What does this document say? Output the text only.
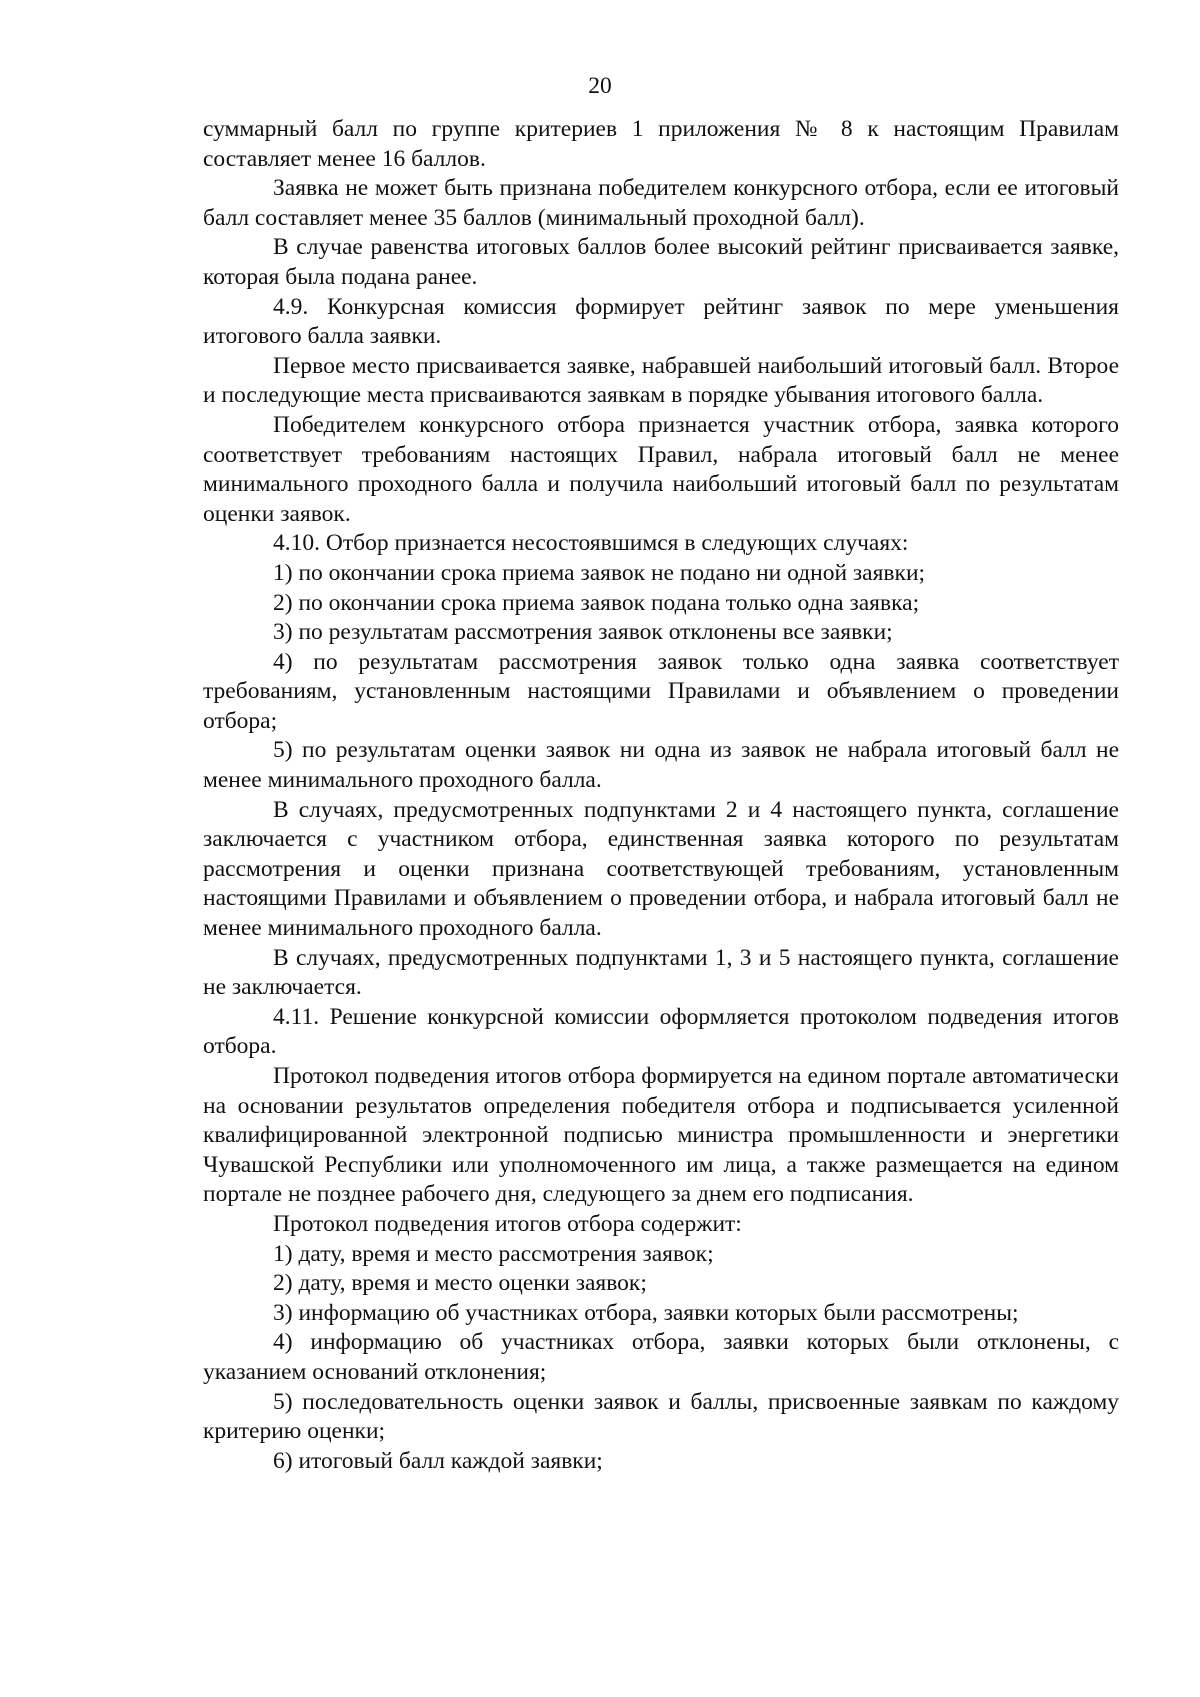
20

суммарный балл по группе критериев 1 приложения № 8 к настоящим Правилам составляет менее 16 баллов.

Заявка не может быть признана победителем конкурсного отбора, если ее итоговый балл составляет менее 35 баллов (минимальный проходной балл).

В случае равенства итоговых баллов более высокий рейтинг присваивается заявке, которая была подана ранее.

4.9. Конкурсная комиссия формирует рейтинг заявок по мере уменьшения итогового балла заявки.

Первое место присваивается заявке, набравшей наибольший итоговый балл. Второе и последующие места присваиваются заявкам в порядке убывания итогового балла.

Победителем конкурсного отбора признается участник отбора, заявка которого соответствует требованиям настоящих Правил, набрала итоговый балл не менее минимального проходного балла и получила наибольший итоговый балл по результатам оценки заявок.

4.10. Отбор признается несостоявшимся в следующих случаях:

1) по окончании срока приема заявок не подано ни одной заявки;

2) по окончании срока приема заявок подана только одна заявка;

3) по результатам рассмотрения заявок отклонены все заявки;

4) по результатам рассмотрения заявок только одна заявка соответствует требованиям, установленным настоящими Правилами и объявлением о проведении отбора;

5) по результатам оценки заявок ни одна из заявок не набрала итоговый балл не менее минимального проходного балла.

В случаях, предусмотренных подпунктами 2 и 4 настоящего пункта, соглашение заключается с участником отбора, единственная заявка которого по результатам рассмотрения и оценки признана соответствующей требованиям, установленным настоящими Правилами и объявлением о проведении отбора, и набрала итоговый балл не менее минимального проходного балла.

В случаях, предусмотренных подпунктами 1, 3 и 5 настоящего пункта, соглашение не заключается.

4.11. Решение конкурсной комиссии оформляется протоколом подведения итогов отбора.

Протокол подведения итогов отбора формируется на едином портале автоматически на основании результатов определения победителя отбора и подписывается усиленной квалифицированной электронной подписью министра промышленности и энергетики Чувашской Республики или уполномоченного им лица, а также размещается на едином портале не позднее рабочего дня, следующего за днем его подписания.

Протокол подведения итогов отбора содержит:

1) дату, время и место рассмотрения заявок;

2) дату, время и место оценки заявок;

3) информацию об участниках отбора, заявки которых были рассмотрены;

4) информацию об участниках отбора, заявки которых были отклонены, с указанием оснований отклонения;

5) последовательность оценки заявок и баллы, присвоенные заявкам по каждому критерию оценки;

6) итоговый балл каждой заявки;
